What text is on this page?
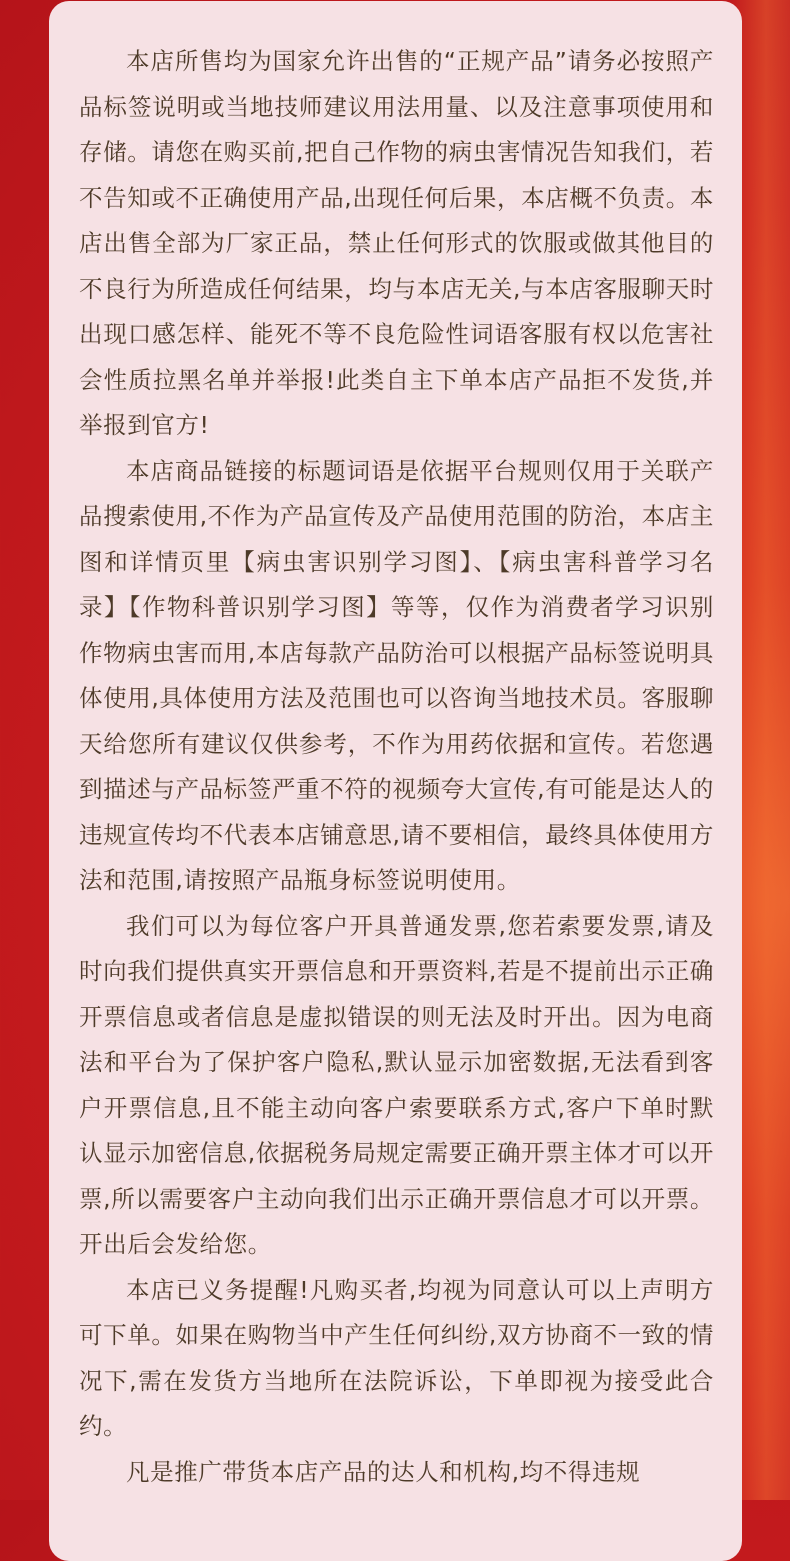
本店所售均为国家允许出售的“正规产品”请务必按照产品标签说明或当地技师建议用法用量、以及注意事项使用和存储。请您在购买前,把自己作物的病虫害情况告知我们，若不告知或不正确使用产品,出现任何后果，本店概不负责。本店出售全部为厂家正品，禁止任何形式的饮服或做其他目的不良行为所造成任何结果，均与本店无关,与本店客服聊天时出现口感怎样、能死不等不良危险性词语客服有权以危害社会性质拉黑名单并举报!此类自主下单本店产品拒不发货,并举报到官方!

本店商品链接的标题词语是依据平台规则仅用于关联产品搜索使用,不作为产品宣传及产品使用范围的防治，本店主图和详情页里【病虫害识别学习图】、【病虫害科普学习名录】【作物科普识别学习图】等等，仅作为消费者学习识别作物病虫害而用,本店每款产品防治可以根据产品标签说明具体使用,具体使用方法及范围也可以咨询当地技术员。客服聊天给您所有建议仅供参考，不作为用药依据和宣传。若您遇到描述与产品标签严重不符的视频夸大宣传,有可能是达人的违规宣传均不代表本店铺意思,请不要相信，最终具体使用方法和范围,请按照产品瓶身标签说明使用。

我们可以为每位客户开具普通发票,您若索要发票,请及时向我们提供真实开票信息和开票资料,若是不提前出示正确开票信息或者信息是虚拟错误的则无法及时开出。因为电商法和平台为了保护客户隐私,默认显示加密数据,无法看到客户开票信息,且不能主动向客户索要联系方式,客户下单时默认显示加密信息,依据税务局规定需要正确开票主体才可以开票,所以需要客户主动向我们出示正确开票信息才可以开票。开出后会发给您。

本店已义务提醒!凡购买者,均视为同意认可以上声明方可下单。如果在购物当中产生任何纠纷,双方协商不一致的情况下,需在发货方当地所在法院诉讼，下单即视为接受此合约。

凡是推广带货本店产品的达人和机构,均不得违规
